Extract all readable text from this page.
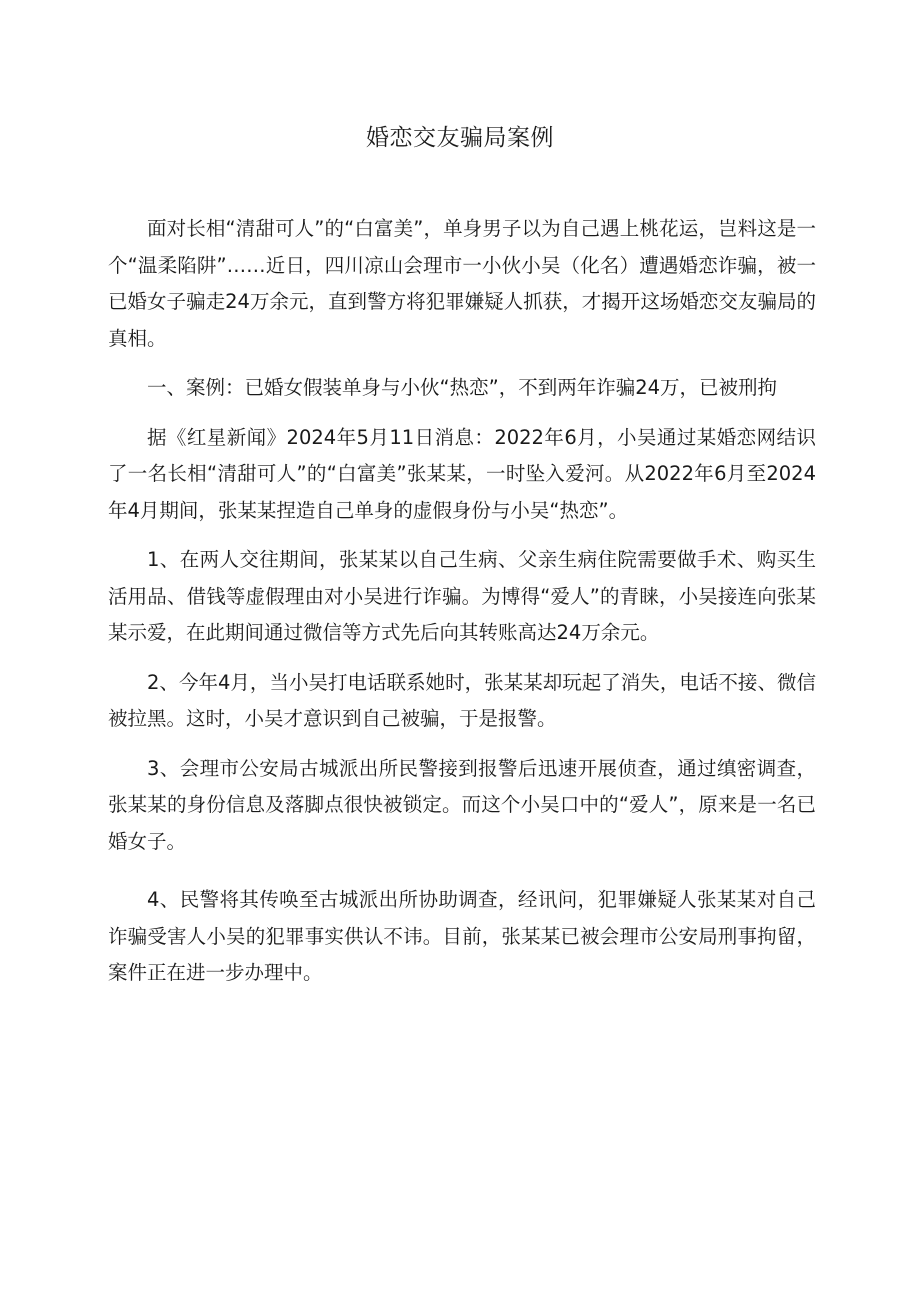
婚恋交友骗局案例

面对长相“清甜可人”的“白富美”，单身男子以为自己遇上桃花运，岂料这是一个“温柔陷阱”……近日，四川凉山会理市一小伙小吴（化名）遭遇婚恋诈骗，被一已婚女子骗走24万余元，直到警方将犯罪嫌疑人抓获，才揭开这场婚恋交友骗局的真相。

一、案例：已婚女假装单身与小伙“热恋”，不到两年诈骗24万，已被刑拘

据《红星新闻》2024年5月11日消息：2022年6月，小吴通过某婚恋网结识了一名长相“清甜可人”的“白富美”张某某，一时坠入爱河。从2022年6月至2024年4月期间，张某某捏造自己单身的虚假身份与小吴“热恋”。

1、在两人交往期间，张某某以自己生病、父亲生病住院需要做手术、购买生活用品、借钱等虚假理由对小吴进行诈骗。为博得“爱人”的青睐，小吴接连向张某某示爱，在此期间通过微信等方式先后向其转账高达24万余元。

2、今年4月，当小吴打电话联系她时，张某某却玩起了消失，电话不接、微信被拉黑。这时，小吴才意识到自己被骗，于是报警。

3、会理市公安局古城派出所民警接到报警后迅速开展侦查，通过缜密调查，张某某的身份信息及落脚点很快被锁定。而这个小吴口中的“爱人”，原来是一名已婚女子。

4、民警将其传唤至古城派出所协助调查，经讯问，犯罪嫌疑人张某某对自己诈骗受害人小吴的犯罪事实供认不讳。目前，张某某已被会理市公安局刑事拘留，案件正在进一步办理中。
